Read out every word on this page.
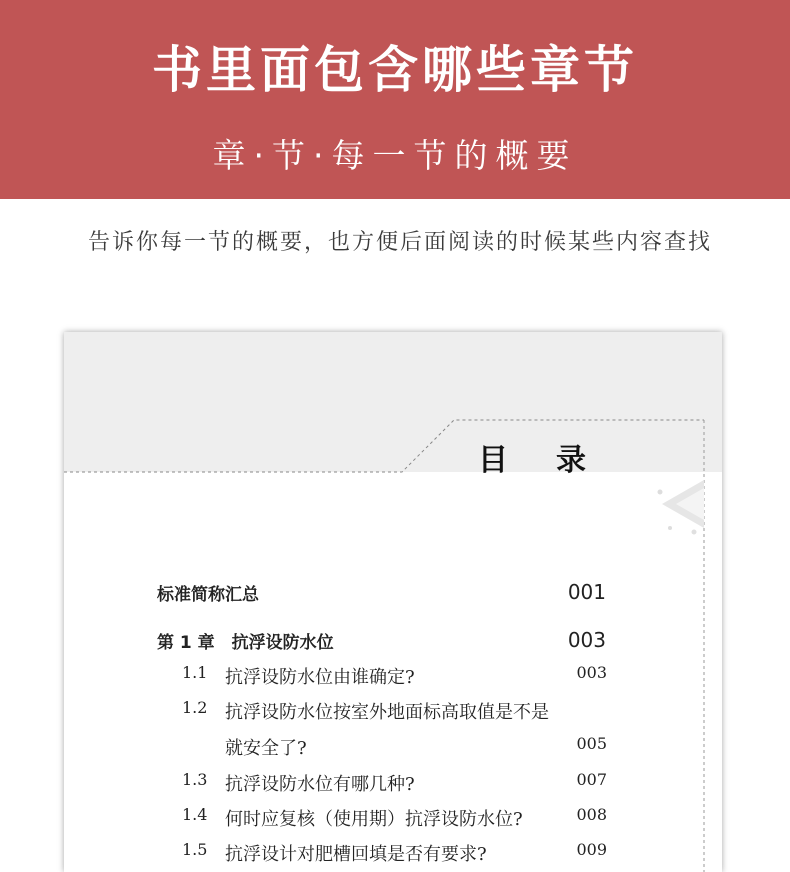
书里面包含哪些章节
章·节·每一节的概要
告诉你每一节的概要，也方便后面阅读的时候某些内容查找
目录
标准简称汇总	001
第 1 章　抗浮设防水位	003
1.1 抗浮设防水位由谁确定?	003
1.2 抗浮设防水位按室外地面标高取值是不是
就安全了?	005
1.3 抗浮设防水位有哪几种?	007
1.4 何时应复核（使用期）抗浮设防水位?	008
1.5 抗浮设计对肥槽回填是否有要求?	009
